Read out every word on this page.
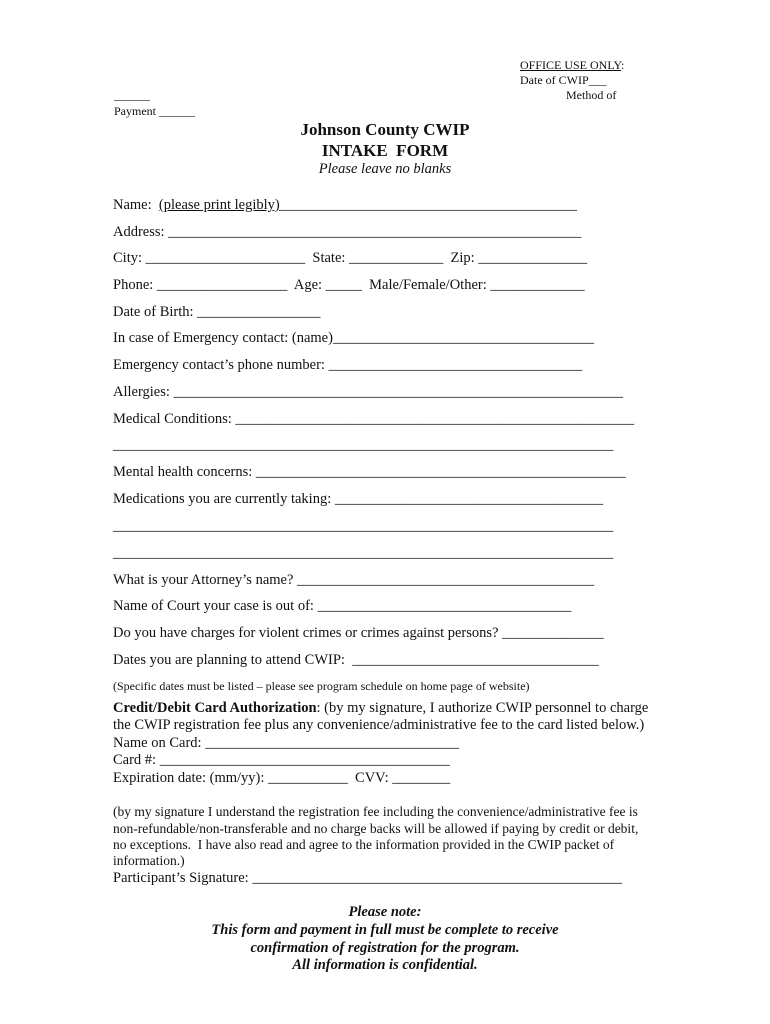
OFFICE USE ONLY:
Date of CWIP___
Method of
______
Payment ______
Johnson County CWIP
INTAKE  FORM
Please leave no blanks
Name:  (please print legibly)_________________________________________
Address: _________________________________________________________
City: ______________________  State: _____________  Zip: _______________
Phone: __________________  Age: _____  Male/Female/Other: _____________
Date of Birth: _________________
In case of Emergency contact: (name)____________________________________
Emergency contact’s phone number: ___________________________________
Allergies: ______________________________________________________________
Medical Conditions: _______________________________________________________
_____________________________________________________________________
Mental health concerns: ___________________________________________________
Medications you are currently taking: _____________________________________
_____________________________________________________________________
_____________________________________________________________________
What is your Attorney’s name? _________________________________________
Name of Court your case is out of: ___________________________________
Do you have charges for violent crimes or crimes against persons? ______________
Dates you are planning to attend CWIP:  __________________________________
(Specific dates must be listed – please see program schedule on home page of website)
Credit/Debit Card Authorization: (by my signature, I authorize CWIP personnel to charge
the CWIP registration fee plus any convenience/administrative fee to the card listed below.)
Name on Card: ___________________________________
Card #: ________________________________________
Expiration date: (mm/yy): ___________  CVV: ________
(by my signature I understand the registration fee including the convenience/administrative fee is
non-refundable/non-transferable and no charge backs will be allowed if paying by credit or debit,
no exceptions.  I have also read and agree to the information provided in the CWIP packet of
information.)
Participant’s Signature: ___________________________________________________
Please note:
This form and payment in full must be complete to receive
confirmation of registration for the program.
All information is confidential.
